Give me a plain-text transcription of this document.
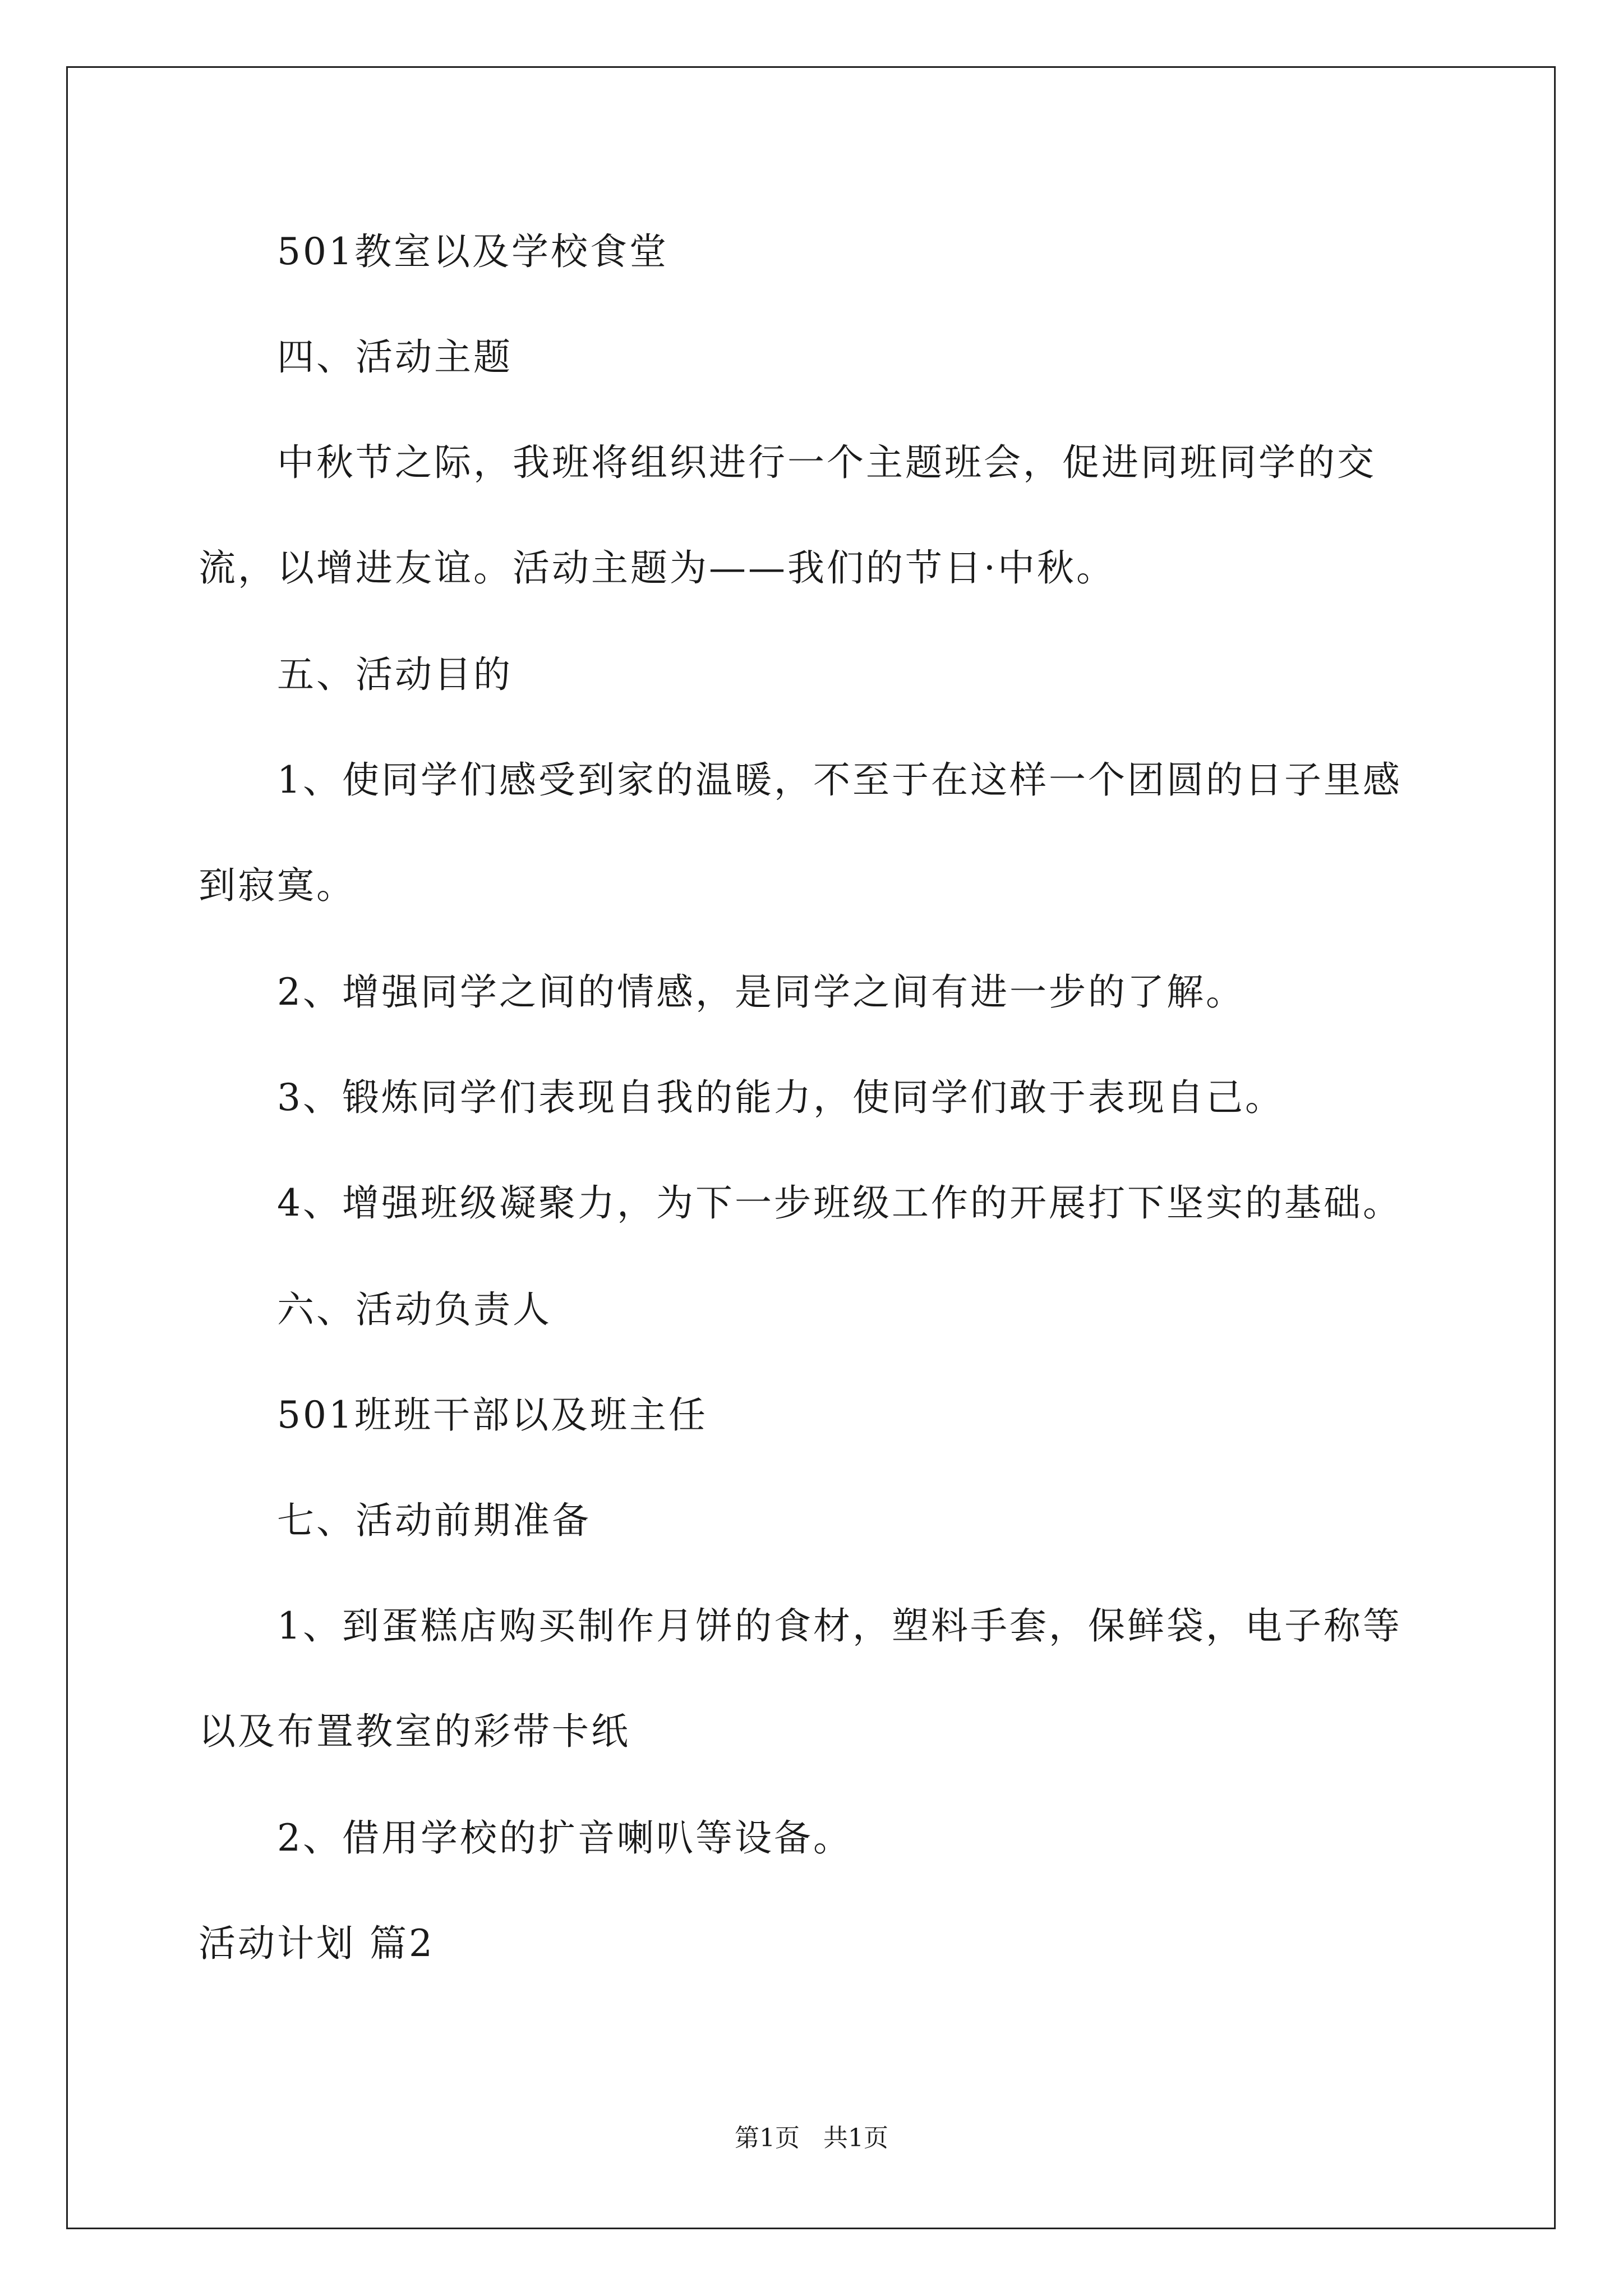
501教室以及学校食堂
四、活动主题
中秋节之际，我班将组织进行一个主题班会，促进同班同学的交
流，以增进友谊。活动主题为——我们的节日·中秋。
五、活动目的
1、使同学们感受到家的温暖，不至于在这样一个团圆的日子里感
到寂寞。
2、增强同学之间的情感，是同学之间有进一步的了解。
3、锻炼同学们表现自我的能力，使同学们敢于表现自己。
4、增强班级凝聚力，为下一步班级工作的开展打下坚实的基础。
六、活动负责人
501班班干部以及班主任
七、活动前期准备
1、到蛋糕店购买制作月饼的食材，塑料手套，保鲜袋，电子称等
以及布置教室的彩带卡纸
2、借用学校的扩音喇叭等设备。
活动计划 篇2
第1页   共1页
